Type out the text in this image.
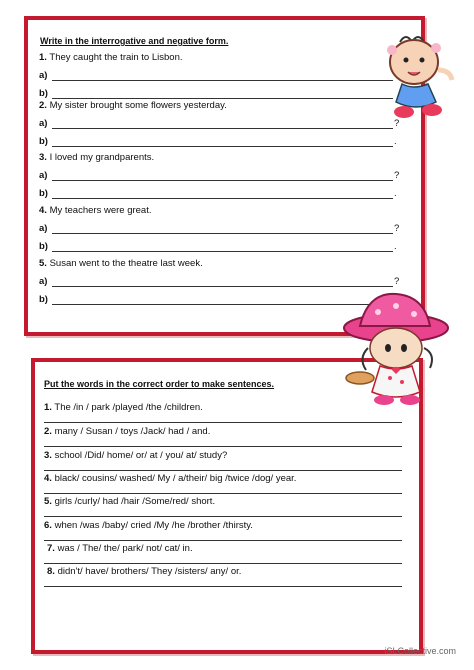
Write in the interrogative and negative form.
1. They caught the train to Lisbon.
a)
b)
2. My sister brought some flowers yesterday.
a)	?
b)	.
3. I loved my grandparents.
a)	?
b)	.
4. My teachers were great.
a)	?
b)	.
5. Susan went to the theatre last week.
a)	?
b)
Put the words in the correct order to make sentences.
1. The /in / park /played /the /children.
2. many / Susan / toys /Jack/ had / and.
3. school /Did/ home/ or/ at / you/ at/ study?
4. black/ cousins/ washed/ My / a/their/ big /twice /dog/ year.
5. girls /curly/ had /hair /Some/red/ short.
6. when /was /baby/ cried /My /he /brother /thirsty.
7. was / The/ the/ park/ not/ cat/ in.
8. didn't/ have/ brothers/ They /sisters/ any/ or.
iSLCollective.com
